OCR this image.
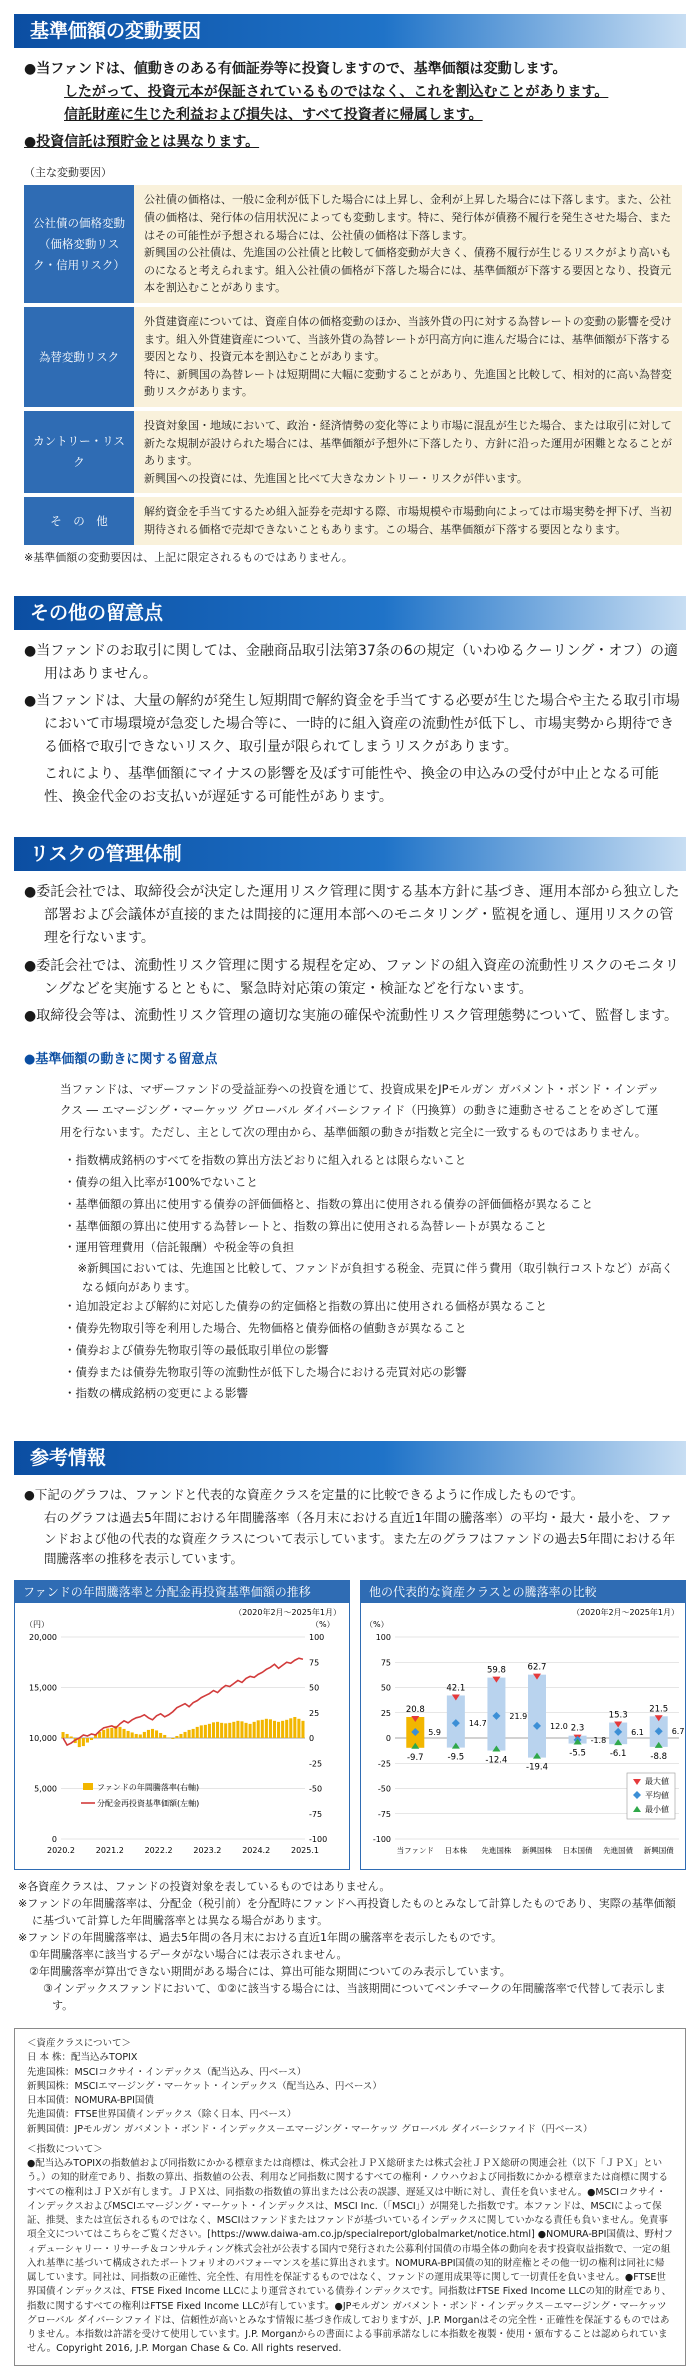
基準価額の変動要因
●当ファンドは、値動きのある有価証券等に投資しますので、基準価額は変動します。
したがって、投資元本が保証されているものではなく、これを割込むことがあります。
信託財産に生じた利益および損失は、すべて投資者に帰属します。
●投資信託は預貯金とは異なります。
（主な変動要因）
公社債の価格変動
（価格変動リスク・信用リスク）	公社債の価格は、一般に金利が低下した場合には上昇し、金利が上昇した場合には下落します。また、公社債の価格は、発行体の信用状況によっても変動します。特に、発行体が債務不履行を発生させた場合、またはその可能性が予想される場合には、公社債の価格は下落します。
新興国の公社債は、先進国の公社債と比較して価格変動が大きく、債務不履行が生じるリスクがより高いものになると考えられます。組入公社債の価格が下落した場合には、基準価額が下落する要因となり、投資元本を割込むことがあります。
為替変動リスク	外貨建資産については、資産自体の価格変動のほか、当該外貨の円に対する為替レートの変動の影響を受けます。組入外貨建資産について、当該外貨の為替レートが円高方向に進んだ場合には、基準価額が下落する要因となり、投資元本を割込むことがあります。
特に、新興国の為替レートは短期間に大幅に変動することがあり、先進国と比較して、相対的に高い為替変動リスクがあります。
カントリー・リスク	投資対象国・地域において、政治・経済情勢の変化等により市場に混乱が生じた場合、または取引に対して新たな規制が設けられた場合には、基準価額が予想外に下落したり、方針に沿った運用が困難となることがあります。
新興国への投資には、先進国と比べて大きなカントリー・リスクが伴います。
そ　の　他	解約資金を手当てするため組入証券を売却する際、市場規模や市場動向によっては市場実勢を押下げ、当初期待される価格で売却できないこともあります。この場合、基準価額が下落する要因となります。
※基準価額の変動要因は、上記に限定されるものではありません。
その他の留意点
●当ファンドのお取引に関しては、金融商品取引法第37条の6の規定（いわゆるクーリング・オフ）の適用はありません。
●当ファンドは、大量の解約が発生し短期間で解約資金を手当てする必要が生じた場合や主たる取引市場において市場環境が急変した場合等に、一時的に組入資産の流動性が低下し、市場実勢から期待できる価格で取引できないリスク、取引量が限られてしまうリスクがあります。
これにより、基準価額にマイナスの影響を及ぼす可能性や、換金の申込みの受付が中止となる可能性、換金代金のお支払いが遅延する可能性があります。
リスクの管理体制
●委託会社では、取締役会が決定した運用リスク管理に関する基本方針に基づき、運用本部から独立した部署および会議体が直接的または間接的に運用本部へのモニタリング・監視を通し、運用リスクの管理を行ないます。
●委託会社では、流動性リスク管理に関する規程を定め、ファンドの組入資産の流動性リスクのモニタリングなどを実施するとともに、緊急時対応策の策定・検証などを行ないます。
●取締役会等は、流動性リスク管理の適切な実施の確保や流動性リスク管理態勢について、監督します。
●基準価額の動きに関する留意点
当ファンドは、マザーファンドの受益証券への投資を通じて、投資成果をJPモルガン ガバメント・ボンド・インデックス ― エマージング・マーケッツ グローバル ダイバーシファイド（円換算）の動きに連動させることをめざして運用を行ないます。ただし、主として次の理由から、基準価額の動きが指数と完全に一致するものではありません。
・指数構成銘柄のすべてを指数の算出方法どおりに組入れるとは限らないこと
・債券の組入比率が100%でないこと
・基準価額の算出に使用する債券の評価価格と、指数の算出に使用される債券の評価価格が異なること
・基準価額の算出に使用する為替レートと、指数の算出に使用される為替レートが異なること
・運用管理費用（信託報酬）や税金等の負担
　※新興国においては、先進国と比較して、ファンドが負担する税金、売買に伴う費用（取引執行コストなど）が高くなる傾向があります。
・追加設定および解約に対応した債券の約定価格と指数の算出に使用される価格が異なること
・債券先物取引等を利用した場合、先物価格と債券価格の値動きが異なること
・債券および債券先物取引等の最低取引単位の影響
・債券または債券先物取引等の流動性が低下した場合における売買対応の影響
・指数の構成銘柄の変更による影響
参考情報
●下記のグラフは、ファンドと代表的な資産クラスを定量的に比較できるように作成したものです。
右のグラフは過去5年間における年間騰落率（各月末における直近1年間の騰落率）の平均・最大・最小を、ファンドおよび他の代表的な資産クラスについて表示しています。また左のグラフはファンドの過去5年間における年間騰落率の推移を表示しています。
ファンドの年間騰落率と分配金再投資基準価額の推移
（2020年2月～2025年1月）
（円）	（%）
0
5,000
10,000
15,000
20,000
-100
-75
-50
-25
0
25
50
75
100
2020.2	2021.2	2022.2	2023.2	2024.2	2025.1
ファンドの年間騰落率(右軸)
分配金再投資基準価額(左軸)
他の代表的な資産クラスとの騰落率の比較
（2020年2月～2025年1月）
（%）
-100
-75
-50
-25
0
25
50
75
100
20.8
5.9
-9.7
当ファンド
42.1
14.7
-9.5
日本株
59.8
21.9
-12.4
先進国株
62.7
12.0
-19.4
新興国株
2.3
-1.8
-5.5
日本国債
15.3
6.1
-6.1
先進国債
21.5
6.7
-8.8
新興国債
最大値
平均値
最小値
※各資産クラスは、ファンドの投資対象を表しているものではありません。
※ファンドの年間騰落率は、分配金（税引前）を分配時にファンドへ再投資したものとみなして計算したものであり、実際の基準価額に基づいて計算した年間騰落率とは異なる場合があります。
※ファンドの年間騰落率は、過去5年間の各月末における直近1年間の騰落率を表示したものです。
　①年間騰落率に該当するデータがない場合には表示されません。
　②年間騰落率が算出できない期間がある場合には、算出可能な期間についてのみ表示しています。
　③インデックスファンドにおいて、①②に該当する場合には、当該期間についてベンチマークの年間騰落率で代替して表示します。
＜資産クラスについて＞
日 本 株：配当込みTOPIX
先進国株：MSCIコクサイ・インデックス（配当込み、円ベース）
新興国株：MSCIエマージング・マーケット・インデックス（配当込み、円ベース）
日本国債：NOMURA-BPI国債
先進国債：FTSE世界国債インデックス（除く日本、円ベース）
新興国債：JPモルガン ガバメント・ボンド・インデックス－エマージング・マーケッツ グローバル ダイバーシファイド（円ベース）
＜指数について＞
●配当込みTOPIXの指数値および同指数にかかる標章または商標は、株式会社ＪＰＸ総研または株式会社ＪＰＸ総研の関連会社（以下「ＪＰＸ」という。）の知的財産であり、指数の算出、指数値の公表、利用など同指数に関するすべての権利・ノウハウおよび同指数にかかる標章または商標に関するすべての権利はＪＰＸが有します。ＪＰＸは、同指数の指数値の算出または公表の誤謬、遅延又は中断に対し、責任を負いません。●MSCIコクサイ・インデックスおよびMSCIエマージング・マーケット・インデックスは、MSCI Inc.（「MSCI」）が開発した指数です。本ファンドは、MSCIによって保証、推奨、または宣伝されるものではなく、MSCIはファンドまたはファンドが基づいているインデックスに関していかなる責任も負いません。免責事項全文についてはこちらをご覧ください。[https://www.daiwa-am.co.jp/specialreport/globalmarket/notice.html] ●NOMURA-BPI国債は、野村フィデューシャリー・リサーチ＆コンサルティング株式会社が公表する国内で発行された公募利付国債の市場全体の動向を表す投資収益指数で、一定の組入れ基準に基づいて構成されたポートフォリオのパフォーマンスを基に算出されます。NOMURA-BPI国債の知的財産権とその他一切の権利は同社に帰属しています。同社は、同指数の正確性、完全性、有用性を保証するものではなく、ファンドの運用成果等に関して一切責任を負いません。●FTSE世界国債インデックスは、FTSE Fixed Income LLCにより運営されている債券インデックスです。同指数はFTSE Fixed Income LLCの知的財産であり、指数に関するすべての権利はFTSE Fixed Income LLCが有しています。●JPモルガン ガバメント・ボンド・インデックス－エマージング・マーケッツ グローバル ダイバーシファイドは、信頼性が高いとみなす情報に基づき作成しておりますが、J.P. Morganはその完全性・正確性を保証するものではありません。本指数は許諾を受けて使用しています。J.P. Morganからの書面による事前承諾なしに本指数を複製・使用・頒布することは認められていません。Copyright 2016, J.P. Morgan Chase & Co. All rights reserved.
